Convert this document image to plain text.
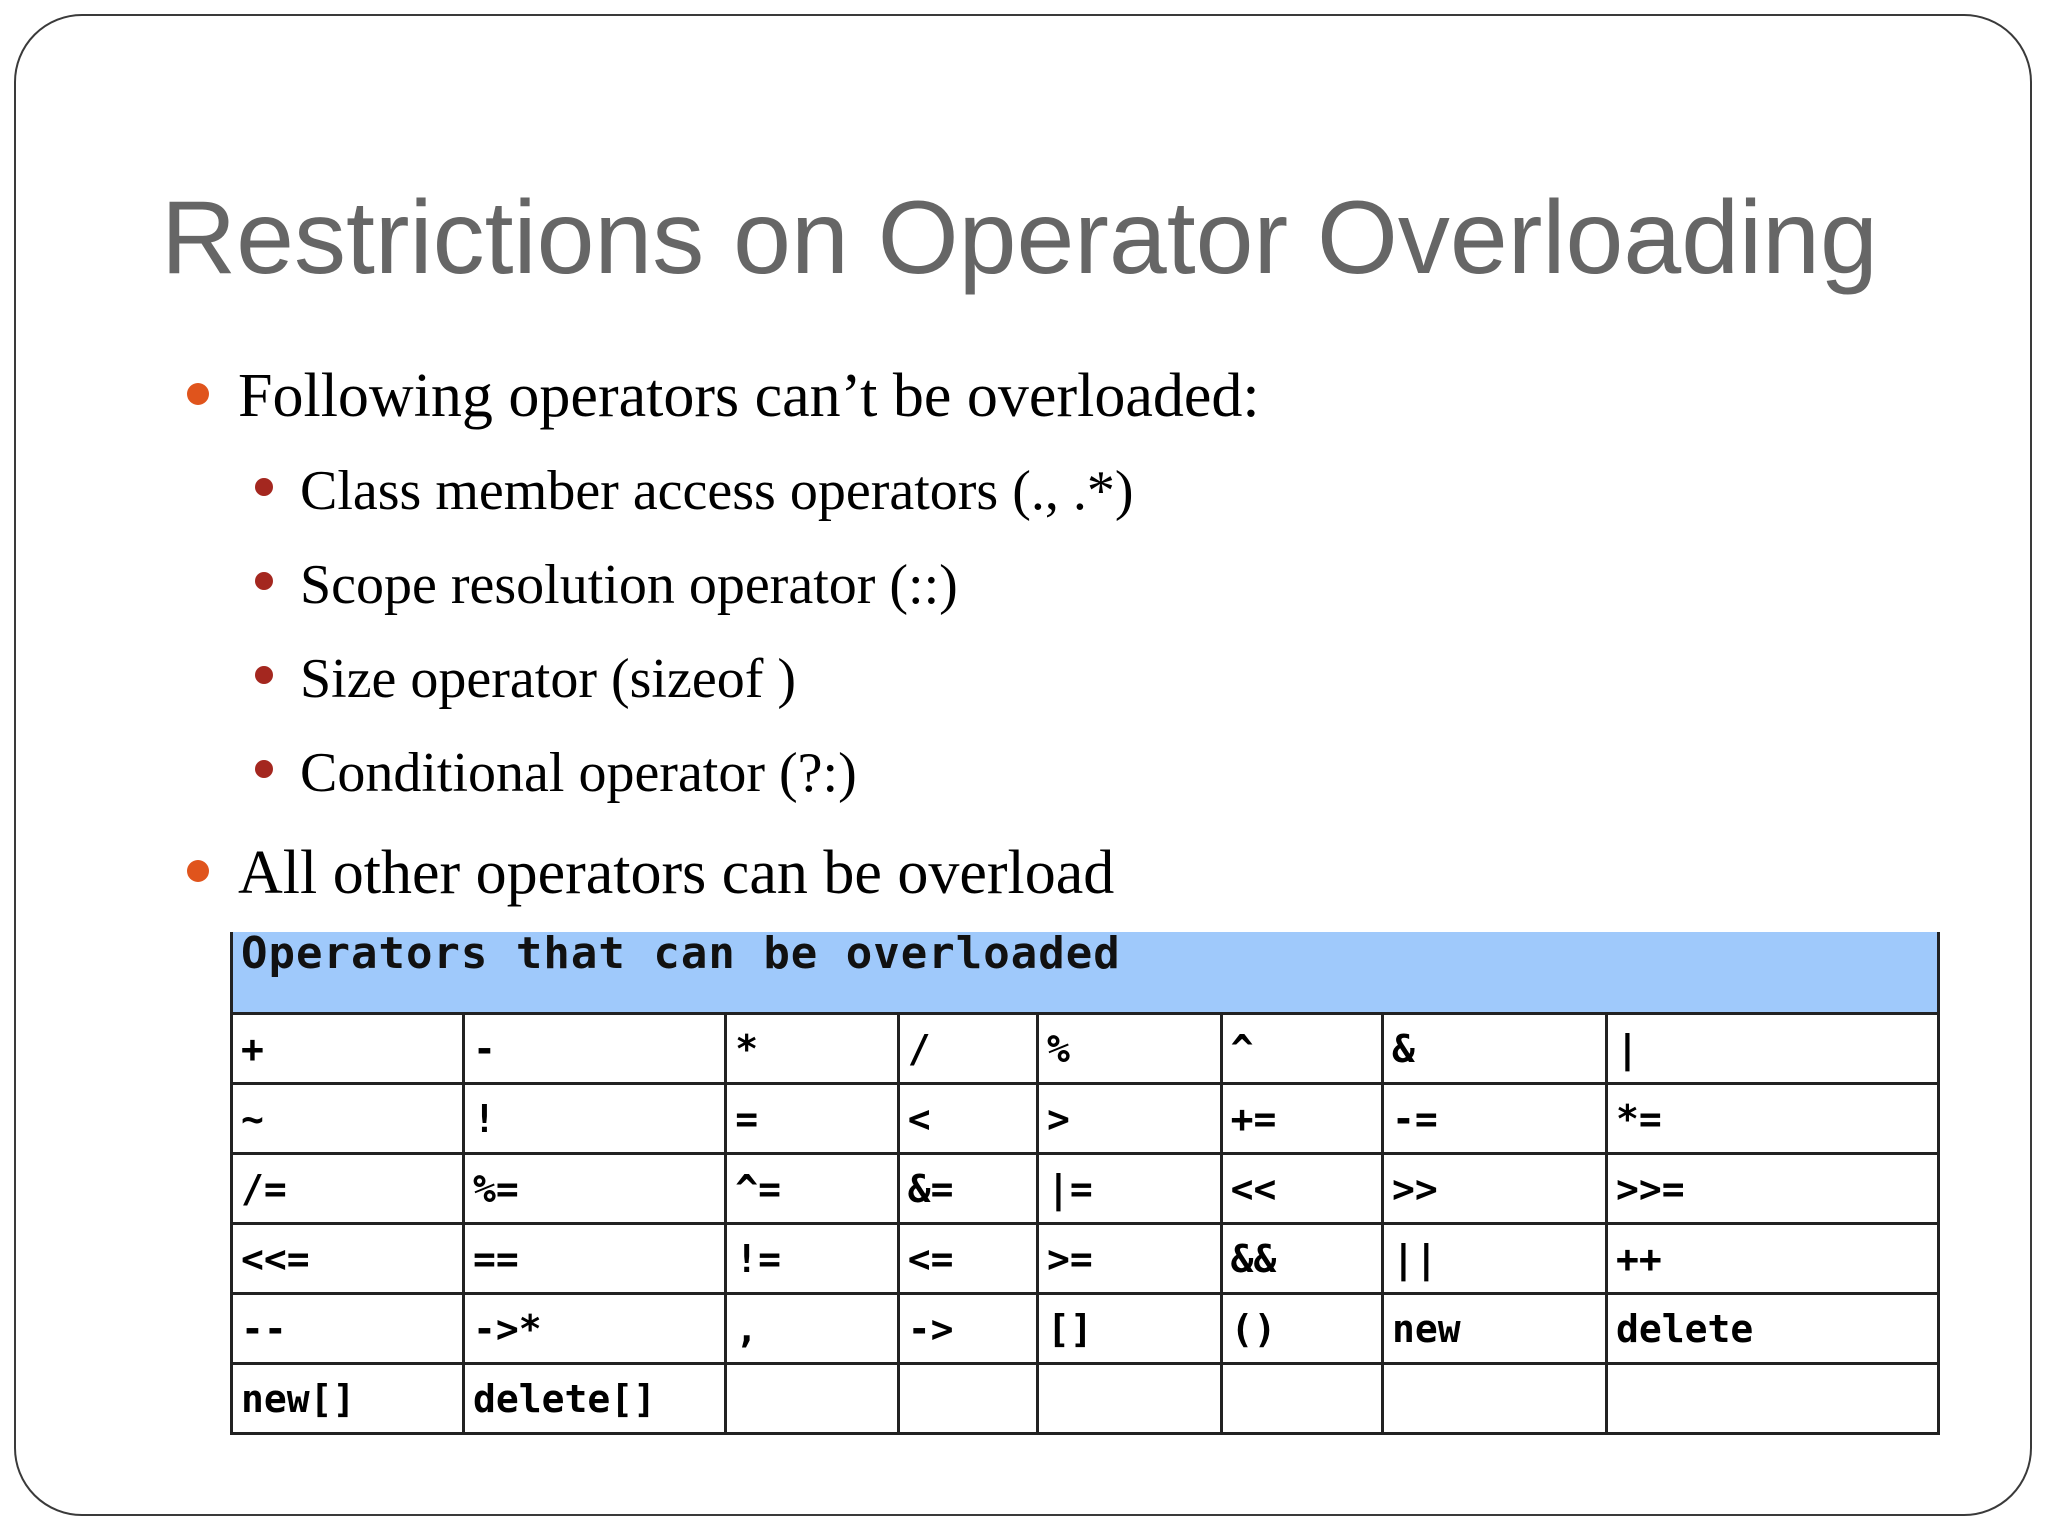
Restrictions on Operator Overloading
Following operators can’t be overloaded:
Class member access operators (., .*)
Scope resolution operator (::)
Size operator (sizeof )
Conditional operator (?:)
All other operators can be overload
Operators that can be overloaded							
+	-	*	/	%	^	&	|
~	!	=	<	>	+=	-=	*=
/=	%=	^=	&=	|=	<<	>>	>>=
<<=	==	!=	<=	>=	&&	||	++
--	->*	,	->	[]	()	new	delete
new[]	delete[]						
